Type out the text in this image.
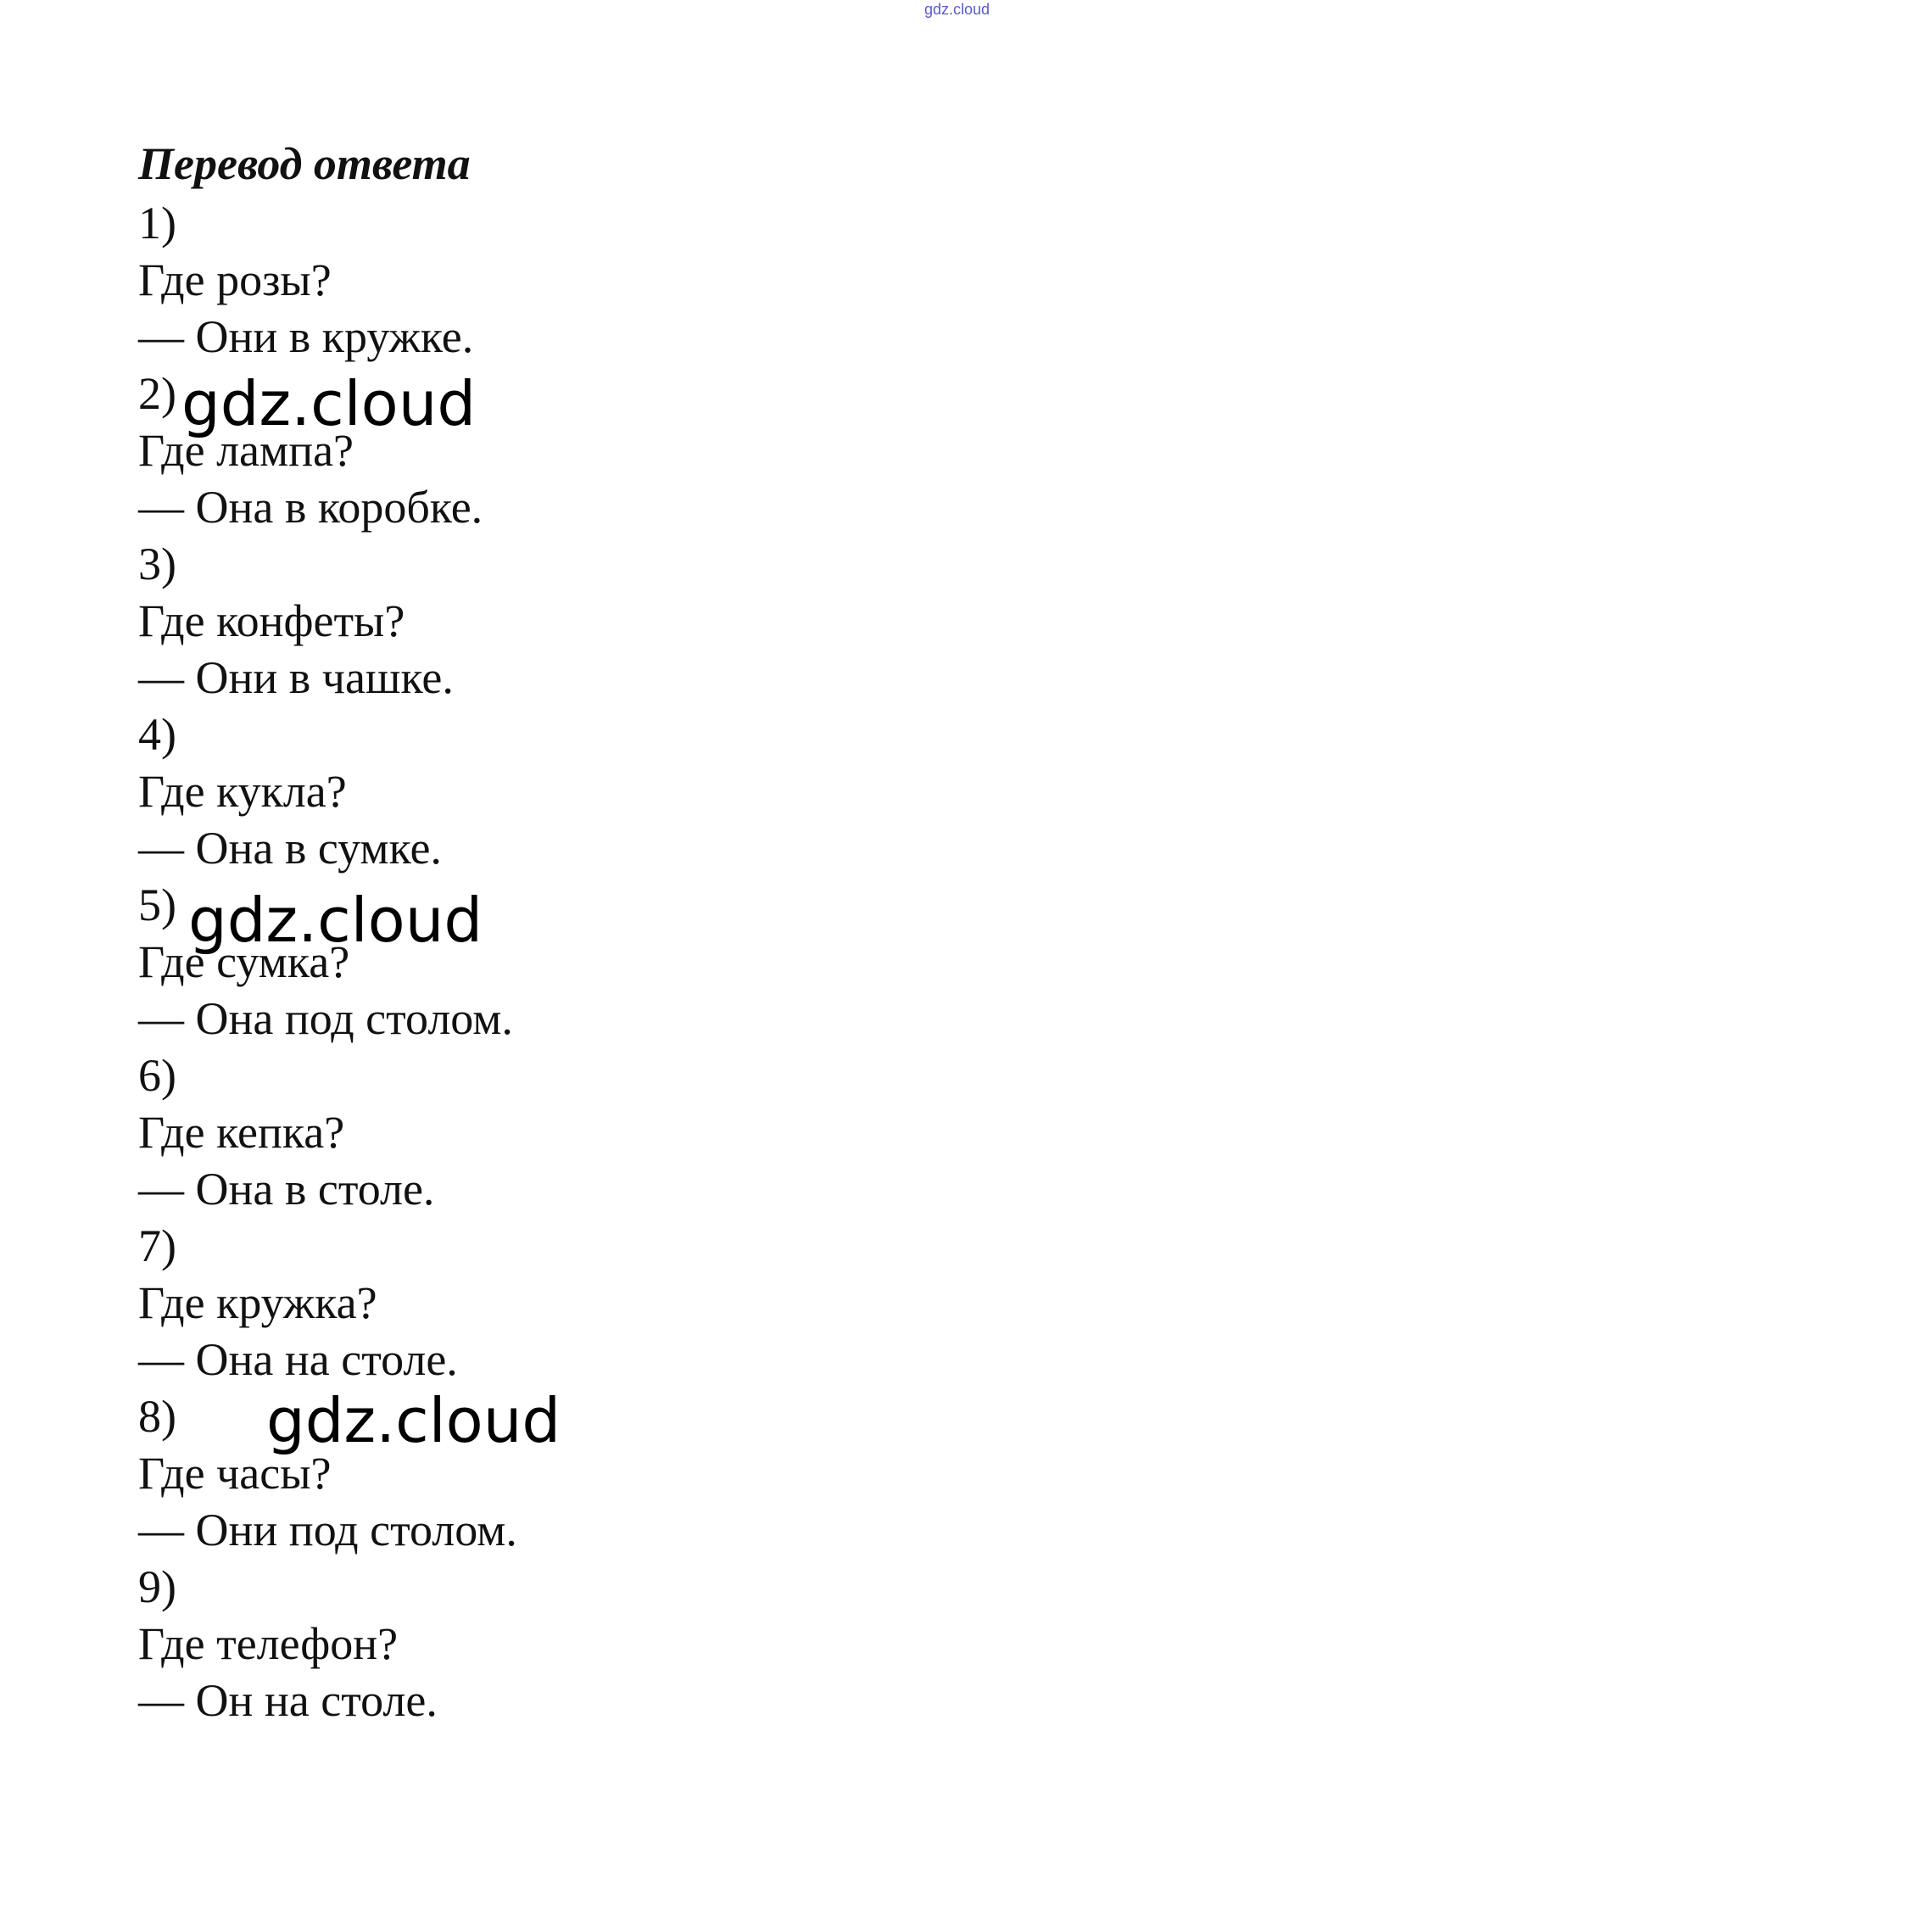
gdz.cloud
Перевод ответа
1)
Где розы?
— Они в кружке.
2)
Где лампа?
— Она в коробке.
3)
Где конфеты?
— Они в чашке.
4)
Где кукла?
— Она в сумке.
5)
Где сумка?
— Она под столом.
6)
Где кепка?
— Она в столе.
7)
Где кружка?
— Она на столе.
8)
Где часы?
— Они под столом.
9)
Где телефон?
— Он на столе.
gdz.cloud
gdz.cloud
gdz.cloud
